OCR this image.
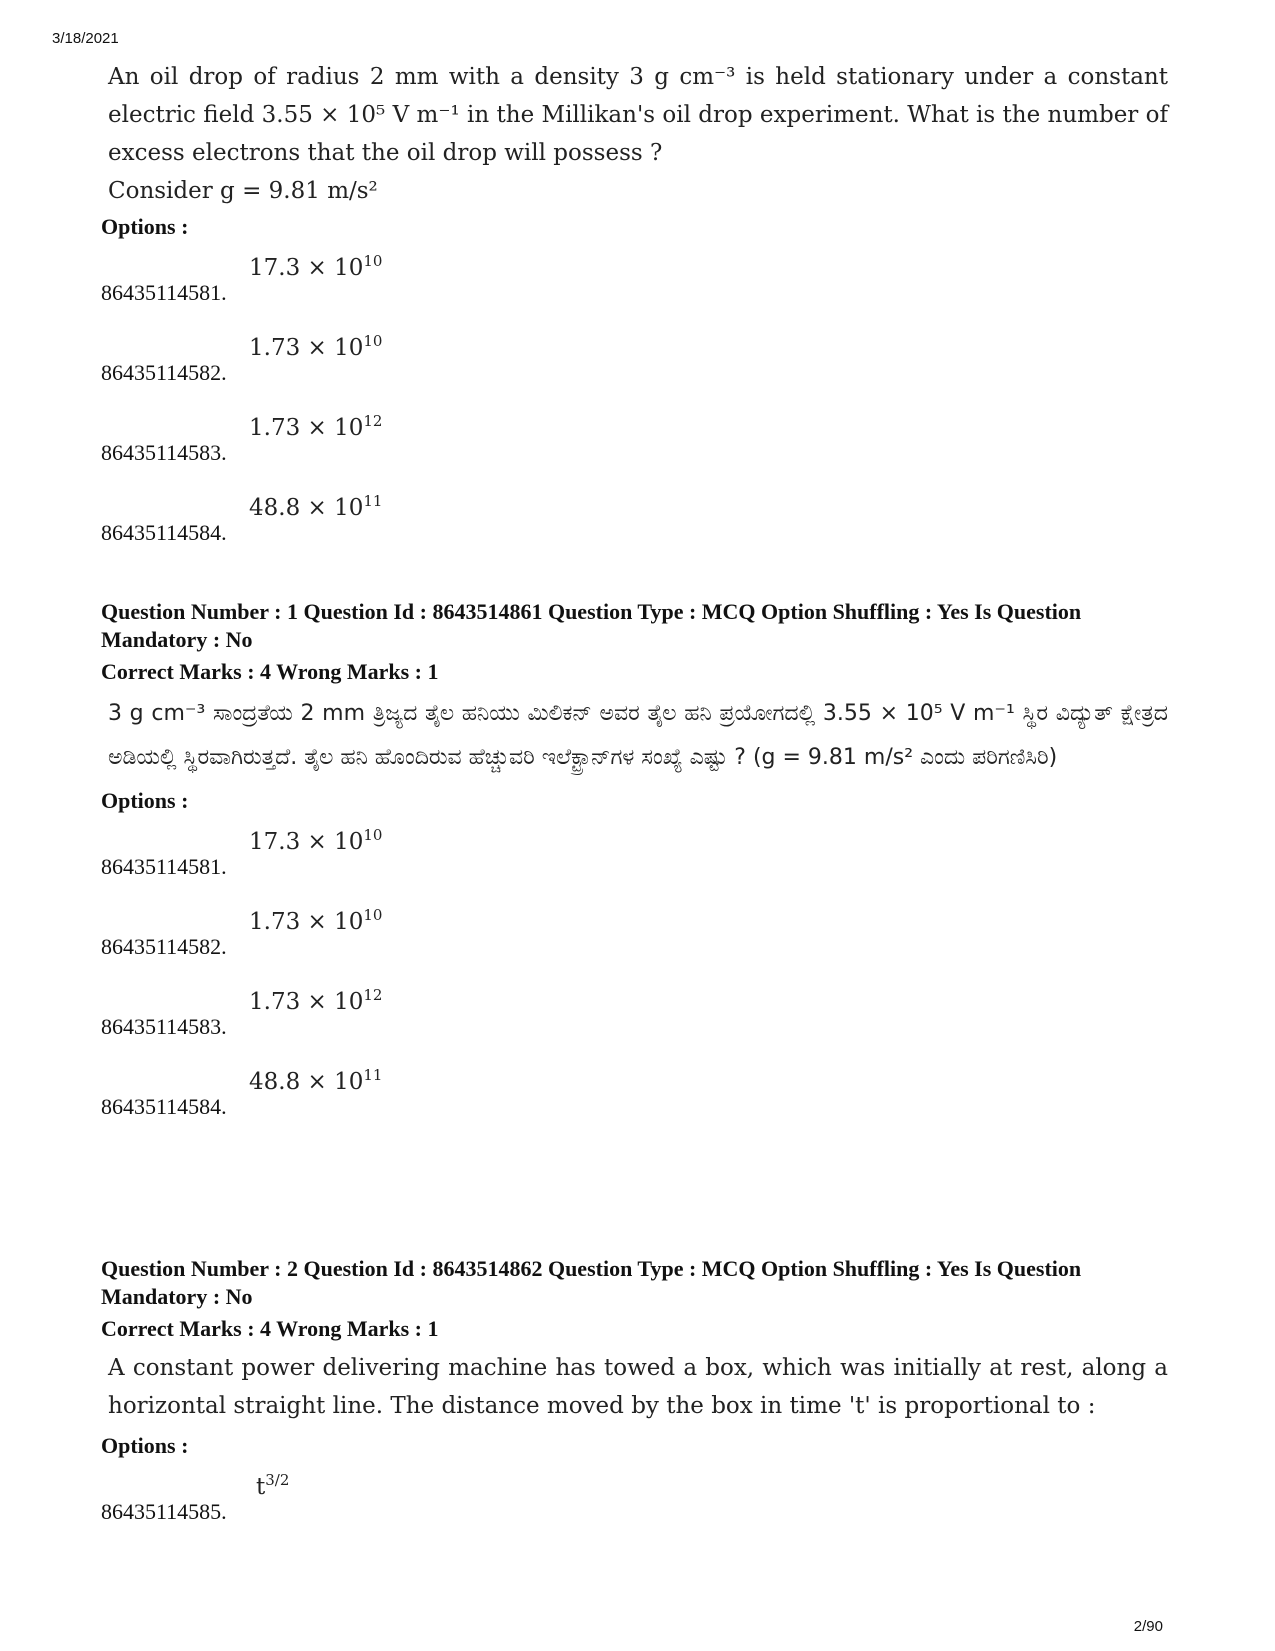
3/18/2021
An oil drop of radius 2 mm with a density 3 g cm⁻³ is held stationary under a constant electric field 3.55 × 10⁵ V m⁻¹ in the Millikan's oil drop experiment. What is the number of excess electrons that the oil drop will possess ?
Consider g = 9.81 m/s²
Options :
86435114581.
$17.3 \times 10^{10}$
86435114582.
$1.73 \times 10^{10}$
86435114583.
$1.73 \times 10^{12}$
86435114584.
$48.8 \times 10^{11}$
Question Number : 1 Question Id : 8643514861 Question Type : MCQ Option Shuffling : Yes Is Question Mandatory : No
Correct Marks : 4 Wrong Marks : 1
3 g cm⁻³ ಸಾಂದ್ರತೆಯ 2 mm ತ್ರಿಜ್ಯದ ತೈಲ ಹನಿಯು ಮಿಲಿಕನ್ ಅವರ ತೈಲ ಹನಿ ಪ್ರಯೋಗದಲ್ಲಿ 3.55 × 10⁵ V m⁻¹ ಸ್ಥಿರ ವಿದ್ಯುತ್ ಕ್ಷೇತ್ರದ ಅಡಿಯಲ್ಲಿ ಸ್ಥಿರವಾಗಿರುತ್ತದೆ. ತೈಲ ಹನಿ ಹೊಂದಿರುವ ಹೆಚ್ಚುವರಿ ಇಲೆಕ್ಟ್ರಾನ್‌ಗಳ ಸಂಖ್ಯೆ ಎಷ್ಟು ? (g = 9.81 m/s² ಎಂದು ಪರಿಗಣಿಸಿರಿ)
Options :
86435114581.
$17.3 \times 10^{10}$
86435114582.
$1.73 \times 10^{10}$
86435114583.
$1.73 \times 10^{12}$
86435114584.
$48.8 \times 10^{11}$
Question Number : 2 Question Id : 8643514862 Question Type : MCQ Option Shuffling : Yes Is Question Mandatory : No
Correct Marks : 4 Wrong Marks : 1
A constant power delivering machine has towed a box, which was initially at rest, along a horizontal straight line. The distance moved by the box in time 't' is proportional to :
Options :
86435114585.
$t^{3/2}$
2/90
